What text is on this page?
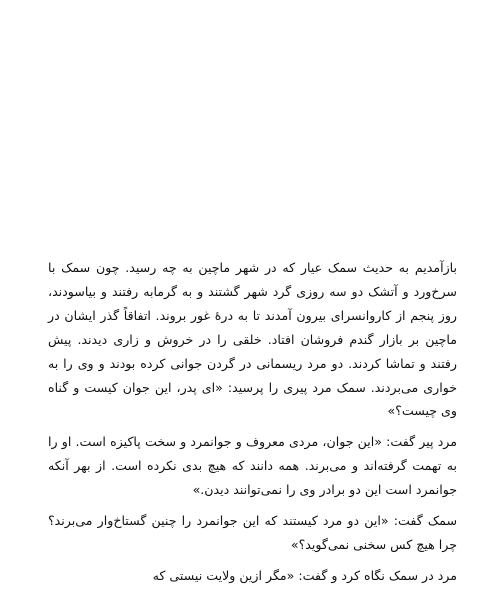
بازآمدیم به حدیث سمک عیار که در شهر ماچین به چه رسید. چون سمک با سرخ‌ورد و آتشک دو سه روزی گرد شهر گشتند و به گرمابه رفتند و بیاسودند، روز پنجم از کاروانسرای بیرون آمدند تا به درهٔ غور بروند. اتفاقاً گذر ایشان در ماچین بر بازار گندم فروشان افتاد. خلقی را در خروش و زاری دیدند. پیش رفتند و تماشا کردند. دو مرد ریسمانی در گردن جوانی کرده بودند و وی را به خواری می‌بردند. سمک مرد پیری را پرسید: «ای پدر، این جوان کیست و گناه وی چیست؟»

مرد پیر گفت: «این جوان، مردی معروف و جوانمرد و سخت پاکیزه است. او را به تهمت گرفته‌اند و می‌برند. همه دانند که هیچ بدی نکرده است. از بهر آنکه جوانمرد است این دو برادر وی را نمی‌توانند دیدن.»

سمک گفت: «این دو مرد کیستند که این جوانمرد را چنین گستاخ‌وار می‌برند؟ چرا هیچ کس سخنی نمی‌گوید؟»

مرد در سمک نگاه کرد و گفت: «مگر ازین ولایت نیستی که
